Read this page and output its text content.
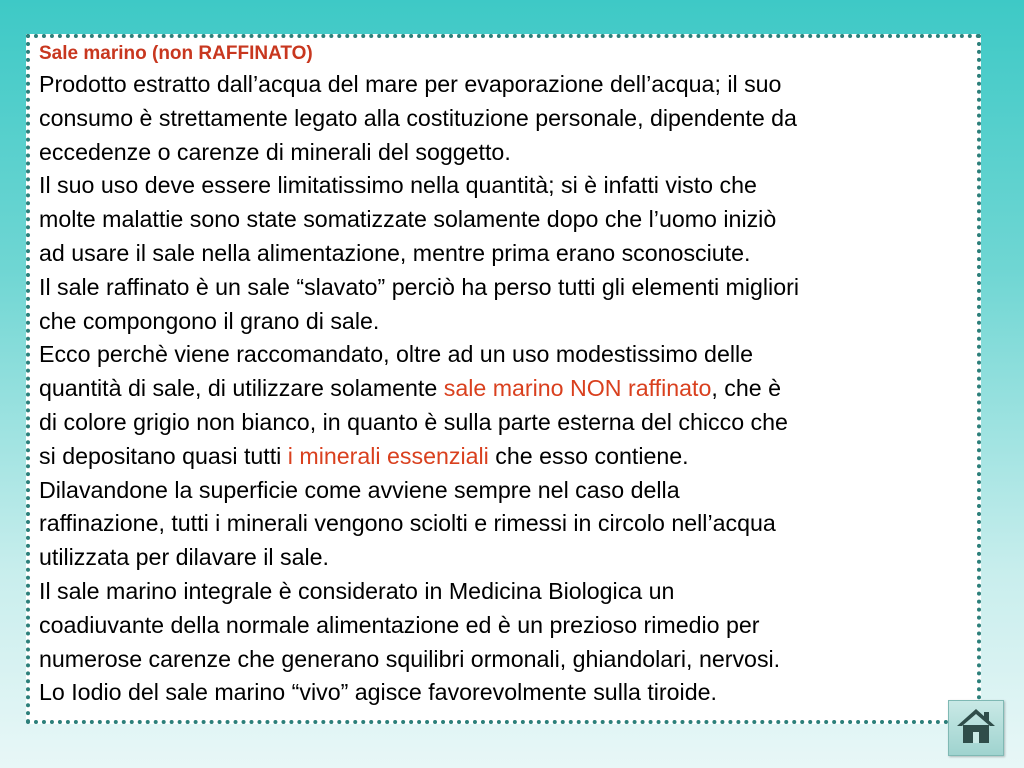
Sale marino (non RAFFINATO)

Prodotto estratto dall’acqua del mare per evaporazione dell’acqua; il suo
consumo è strettamente legato alla costituzione personale, dipendente da
eccedenze o carenze di minerali del soggetto.
Il suo uso deve essere limitatissimo nella quantità; si è infatti visto che
molte malattie sono state somatizzate solamente dopo che l’uomo iniziò
ad usare il sale nella alimentazione, mentre prima erano sconosciute.
Il sale raffinato è un sale “slavato” perciò ha perso tutti gli elementi migliori
che compongono il grano di sale.
Ecco perchè viene raccomandato, oltre ad un uso modestissimo delle
quantità di sale, di utilizzare solamente sale marino NON raffinato, che è
di colore grigio non bianco, in quanto è sulla parte esterna del chicco che
si depositano quasi tutti i minerali essenziali che esso contiene.
Dilavandone la superficie come avviene sempre nel caso della
raffinazione, tutti i minerali vengono sciolti e rimessi in circolo nell’acqua
utilizzata per dilavare il sale.
Il sale marino integrale è considerato in Medicina Biologica un
coadiuvante della normale alimentazione ed è un prezioso rimedio per
numerose carenze che generano squilibri ormonali, ghiandolari, nervosi.
Lo Iodio del sale marino “vivo” agisce favorevolmente sulla tiroide.
